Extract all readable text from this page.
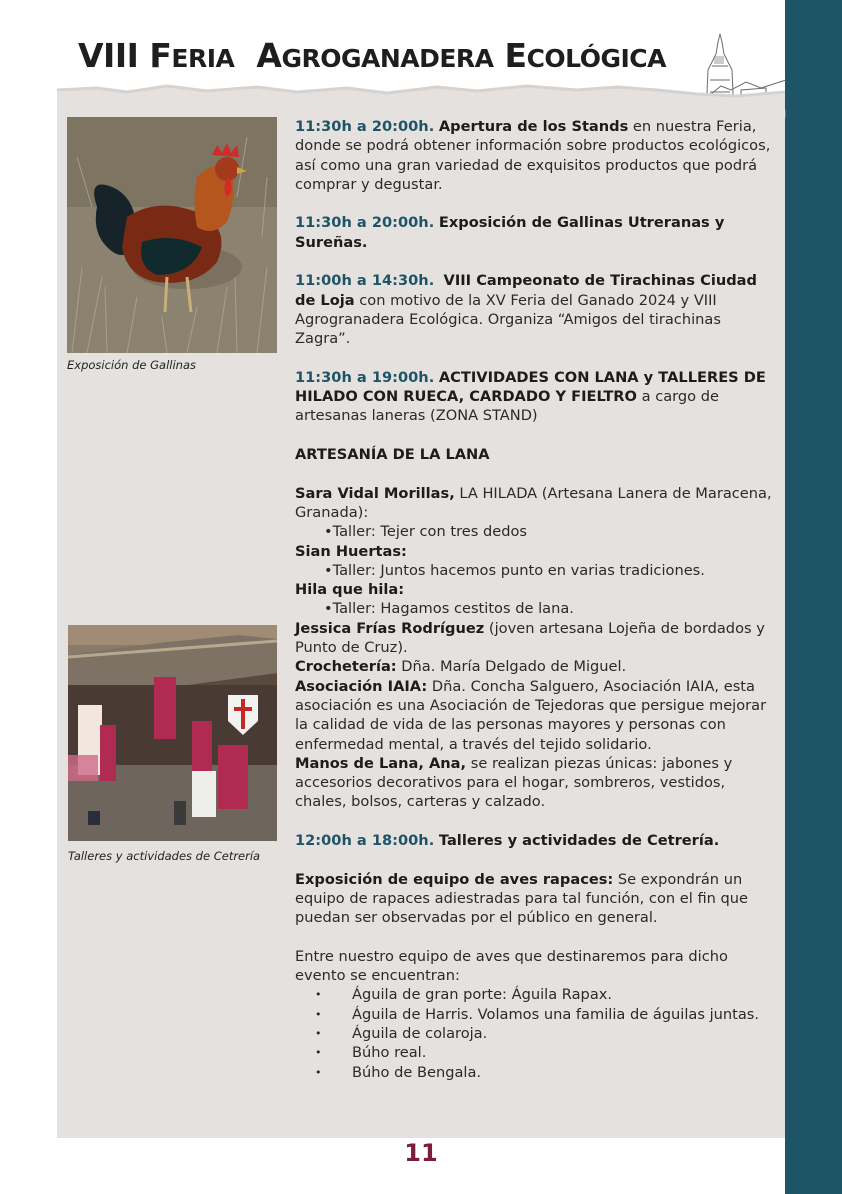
VIII FERIA AGROGANADERA ECOLÓGICA
Exposición de Gallinas
Talleres y actividades de Cetrería

11:30h a 20:00h. Apertura de los Stands en nuestra Feria, donde se podrá obtener información sobre productos ecológicos, así como una gran variedad de exquisitos productos que podrá comprar y degustar.

11:30h a 20:00h. Exposición de Gallinas Utreranas y Sureñas.

11:00h a 14:30h. VIII Campeonato de Tirachinas Ciudad de Loja con motivo de la XV Feria del Ganado 2024 y VIII Agrogranadera Ecológica. Organiza “Amigos del tirachinas Zagra”.

11:30h a 19:00h. ACTIVIDADES CON LANA y TALLERES DE HILADO CON RUECA, CARDADO Y FIELTRO a cargo de artesanas laneras (ZONA STAND)

ARTESANÍA DE LA LANA

Sara Vidal Morillas, LA HILADA (Artesana Lanera de Maracena, Granada):

•Taller: Tejer con tres dedos

Sian Huertas:

•Taller: Juntos hacemos punto en varias tradiciones.

Hila que hila:

•Taller: Hagamos cestitos de lana.

Jessica Frías Rodríguez (joven artesana Lojeña de bordados y Punto de Cruz).

Crochetería: Dña. María Delgado de Miguel.

Asociación IAIA: Dña. Concha Salguero, Asociación IAIA, esta asociación es una Asociación de Tejedoras que persigue mejorar la calidad de vida de las personas mayores y personas con enfermedad mental, a través del tejido solidario.

Manos de Lana, Ana, se realizan piezas únicas: jabones y accesorios decorativos para el hogar, sombreros, vestidos, chales, bolsos, carteras y calzado.

12:00h a 18:00h. Talleres y actividades de Cetrería.

Exposición de equipo de aves rapaces: Se expondrán un equipo de rapaces adiestradas para tal función, con el fin que puedan ser observadas por el público en general.

Entre nuestro equipo de aves que destinaremos para dicho evento se encuentran:

• Águila de gran porte: Águila Rapax.
• Águila de Harris. Volamos una familia de águilas juntas.
• Águila de colaroja.
• Búho real.
• Búho de Bengala.
11
